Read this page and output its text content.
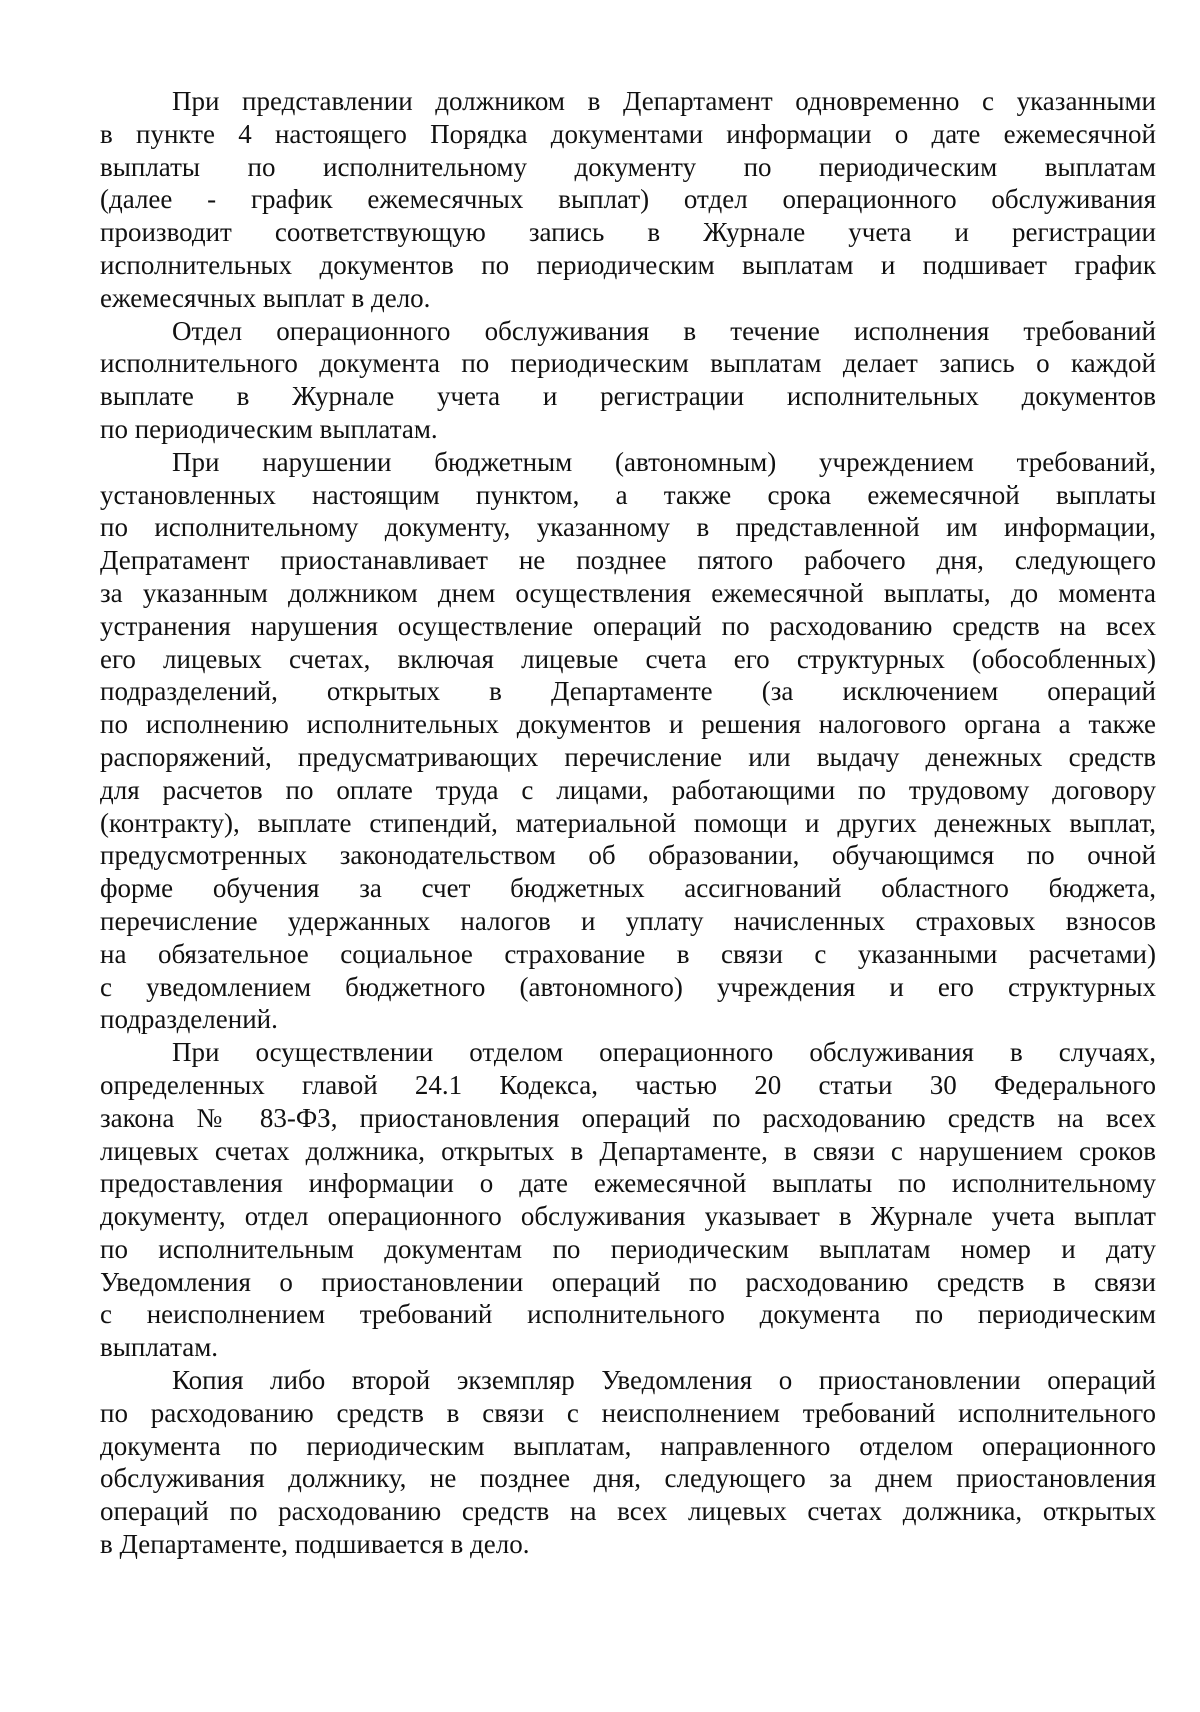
При представлении должником в Департамент одновременно с указанными
в пункте 4 настоящего Порядка документами информации о дате ежемесячной
выплаты по исполнительному документу по периодическим выплатам
(далее - график ежемесячных выплат) отдел операционного обслуживания
производит соответствующую запись в Журнале учета и регистрации
исполнительных документов по периодическим выплатам и подшивает график
ежемесячных выплат в дело.
Отдел операционного обслуживания в течение исполнения требований
исполнительного документа по периодическим выплатам делает запись о каждой
выплате в Журнале учета и регистрации исполнительных документов
по периодическим выплатам.
При нарушении бюджетным (автономным) учреждением требований,
установленных настоящим пунктом, а также срока ежемесячной выплаты
по исполнительному документу, указанному в представленной им информации,
Депратамент приостанавливает не позднее пятого рабочего дня, следующего
за указанным должником днем осуществления ежемесячной выплаты, до момента
устранения нарушения осуществление операций по расходованию средств на всех
его лицевых счетах, включая лицевые счета его структурных (обособленных)
подразделений, открытых в Департаменте (за исключением операций
по исполнению исполнительных документов и решения налогового органа а также
распоряжений, предусматривающих перечисление или выдачу денежных средств
для расчетов по оплате труда с лицами, работающими по трудовому договору
(контракту), выплате стипендий, материальной помощи и других денежных выплат,
предусмотренных законодательством об образовании, обучающимся по очной
форме обучения за счет бюджетных ассигнований областного бюджета,
перечисление удержанных налогов и уплату начисленных страховых взносов
на обязательное социальное страхование в связи с указанными расчетами)
с уведомлением бюджетного (автономного) учреждения и его структурных
подразделений.
При осуществлении отделом операционного обслуживания в случаях,
определенных главой 24.1 Кодекса, частью 20 статьи 30 Федерального
закона № 83-ФЗ, приостановления операций по расходованию средств на всех
лицевых счетах должника, открытых в Департаменте, в связи с нарушением сроков
предоставления информации о дате ежемесячной выплаты по исполнительному
документу, отдел операционного обслуживания указывает в Журнале учета выплат
по исполнительным документам по периодическим выплатам номер и дату
Уведомления о приостановлении операций по расходованию средств в связи
с неисполнением требований исполнительного документа по периодическим
выплатам.
Копия либо второй экземпляр Уведомления о приостановлении операций
по расходованию средств в связи с неисполнением требований исполнительного
документа по периодическим выплатам, направленного отделом операционного
обслуживания должнику, не позднее дня, следующего за днем приостановления
операций по расходованию средств на всех лицевых счетах должника, открытых
в Департаменте, подшивается в дело.
